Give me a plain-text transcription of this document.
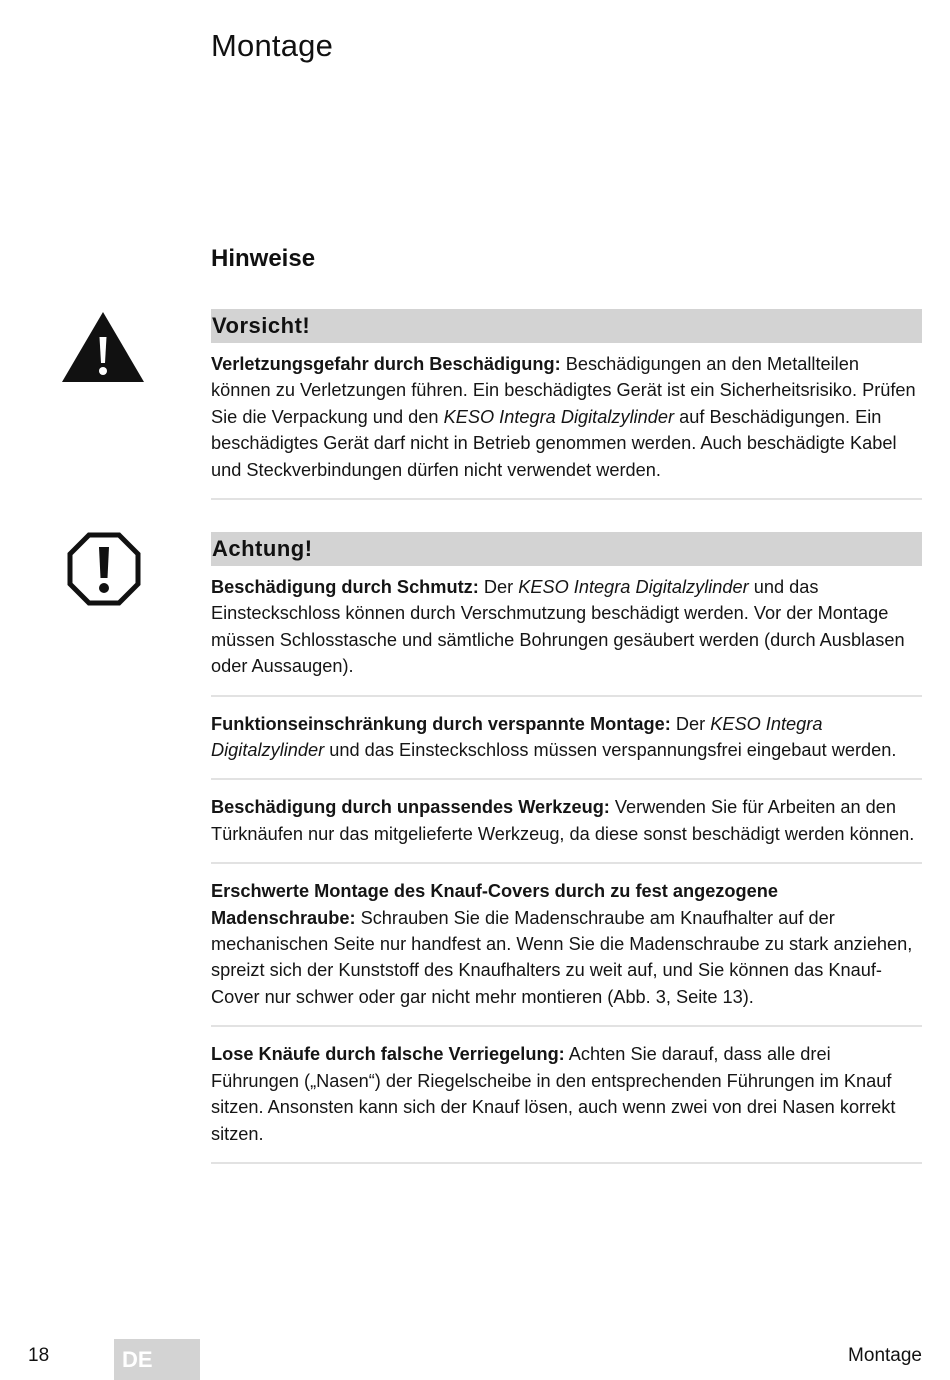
Montage
Hinweise
Vorsicht!

Verletzungsgefahr durch Beschädigung: Beschädigungen an den Metallteilen können zu Verletzungen führen. Ein beschädigtes Gerät ist ein Sicherheitsrisiko. Prüfen Sie die Verpackung und den KESO Integra Digitalzylinder auf Beschädigungen. Ein beschädigtes Gerät darf nicht in Betrieb genommen werden. Auch beschädigte Kabel und Steckverbindungen dürfen nicht verwendet werden.

Achtung!

Beschädigung durch Schmutz: Der KESO Integra Digitalzylinder und das Einsteckschloss können durch Verschmutzung beschädigt werden. Vor der Montage müssen Schlosstasche und sämtliche Bohrungen gesäubert werden (durch Ausblasen oder Aussaugen).

Funktionseinschränkung durch verspannte Montage: Der KESO Integra Digitalzylinder und das Einsteckschloss müssen verspannungsfrei eingebaut werden.

Beschädigung durch unpassendes Werkzeug: Verwenden Sie für Arbeiten an den Türknäufen nur das mitgelieferte Werkzeug, da diese sonst beschädigt werden können.

Erschwerte Montage des Knauf-Covers durch zu fest angezogene Madenschraube: Schrauben Sie die Madenschraube am Knaufhalter auf der mechanischen Seite nur handfest an. Wenn Sie die Madenschraube zu stark anziehen, spreizt sich der Kunststoff des Knaufhalters zu weit auf, und Sie können das Knauf-Cover nur schwer oder gar nicht mehr montieren (Abb. 3, Seite 13).

Lose Knäufe durch falsche Verriegelung: Achten Sie darauf, dass alle drei Führungen („Nasen“) der Riegelscheibe in den entsprechenden Führungen im Knauf sitzen. Ansonsten kann sich der Knauf lösen, auch wenn zwei von drei Nasen korrekt sitzen.

18	DE	Montage
